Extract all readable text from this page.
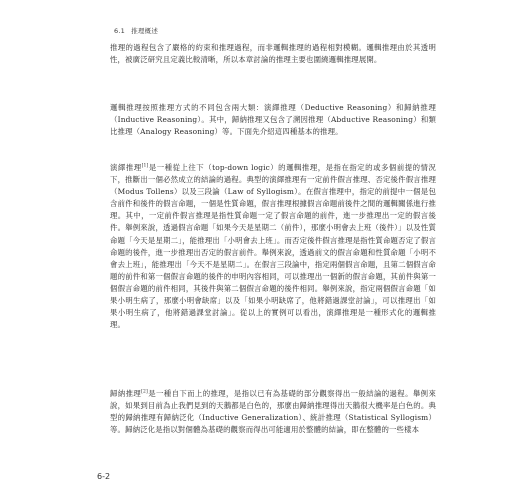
6.1 推理概述
推理的過程包含了嚴格的約束和推理過程，而非邏輯推理的過程相對模糊。邏輯推理由於其透明性，被廣泛研究且定義比較清晰，所以本章討論的推理主要也圍繞邏輯推理展開。
邏輯推理按照推理方式的不同包含兩大類：演繹推理（Deductive Reasoning）和歸納推理（Inductive Reasoning）。其中，歸納推理又包含了溯因推理（Abductive Reasoning）和類比推理（Analogy Reasoning）等。下面先介紹這四種基本的推理。
演繹推理[1]是一種從上往下（top-down logic）的邏輯推理，是指在指定的或多個前提的情況下，推斷出一個必然成立的結論的過程。典型的演繹推理有一定前件假言推理、否定後件假言推理（Modus Tollens）以及三段論（Law of Syllogism）。在假言推理中，指定的前提中一個是包含前件和後件的假言命題，一個是性質命題，假言推理根據假言命題前後件之間的邏輯關係進行推理。其中，一定前件假言推理是指性質命題一定了假言命題的前件，進一步推理出一定的假言後件。舉例來說，透過假言命題「如果今天是星期二（前件），那麼小明會去上班（後件）」以及性質命題「今天是星期二」，能推理出「小明會去上班」。而否定後件假言推理是指性質命題否定了假言命題的後件，進一步推理出否定的假言前件。舉例來說，透過前文的假言命題和性質命題「小明不會去上班」，能推理出「今天不是星期二」。在假言三段論中，指定兩個假言命題，且第二個假言命題的前件和第一個假言命題的後件的申明內容相同，可以推理出一個新的假言命題，其前件與第一個假言命題的前件相同，其後件與第二個假言命題的後件相同。舉例來說，指定兩個假言命題「如果小明生病了，那麼小明會缺席」以及「如果小明缺席了，他將錯過課堂討論」，可以推理出「如果小明生病了，他將錯過課堂討論」。從以上的實例可以看出，演繹推理是一種形式化的邏輯推理。
歸納推理[2]是一種自下而上的推理，是指以已有為基礎的部分觀察得出一般結論的過程。舉例來說，如果到目前為止我們見到的天鵝都是白色的，那麼由歸納推理得出天鵝很大機率是白色的。典型的歸納推理有歸納泛化（Inductive Generalization）、統計推理（Statistical Syllogism）等。歸納泛化是指以對個體為基礎的觀察而得出可能適用於整體的結論，即在整體的一些樣本
6-2
